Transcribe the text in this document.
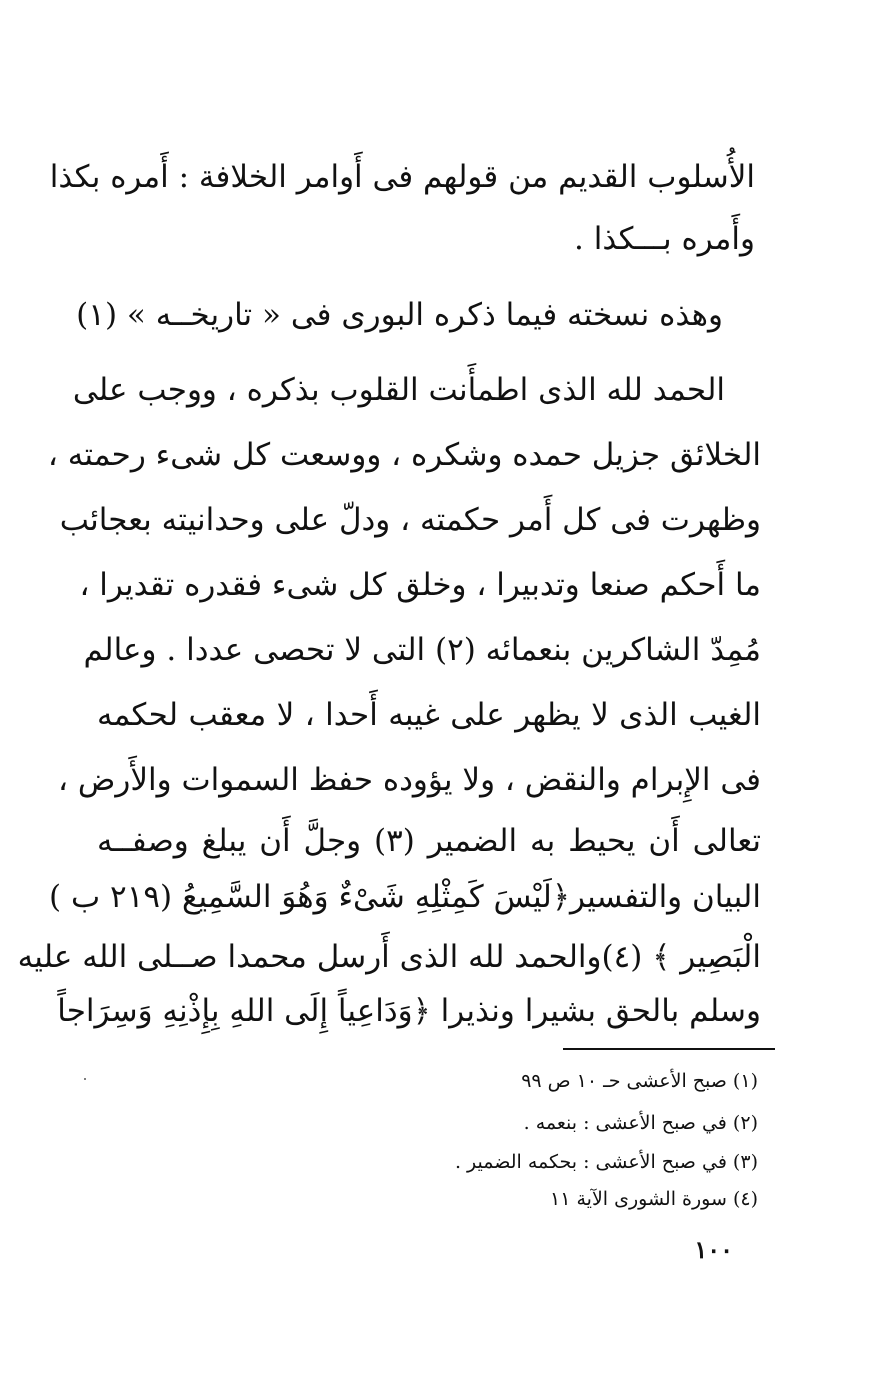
الأُسلوب القديم من قولهم فى أَوامر الخلافة : أَمره بكذا
وأَمره بـــكذا .
وهذه نسخته فيما ذكره البورى فى « تاريخــه » (١)
الحمد لله الذى اطمأَنت القلوب بذكره ، ووجب على
الخلائق جزيل حمده وشكره ، ووسعت كل شىء رحمته ،
وظهرت فى كل أَمر حكمته ، ودلّ على وحدانيته بعجائب
ما أَحكم صنعا وتدبيرا ، وخلق كل شىء فقدره تقديرا ،
مُمِدّ الشاكرين بنعمائه (٢) التى لا تحصى عددا . وعالم
الغيب الذى لا يظهر على غيبه أَحدا ، لا معقب لحكمه
فى الإِبرام والنقض ، ولا يؤوده حفظ السموات والأَرض ،
تعالى أَن يحيط به الضمير (٣) وجلَّ أَن يبلغ وصفــه
البيان والتفسير﴿لَيْسَ كَمِثْلِهِ شَىْءٌ وَهُوَ السَّمِيعُ (٢١٩ ب )
الْبَصِير ﴾ (٤)والحمد لله الذى أَرسل محمدا صــلى الله عليه
وسلم بالحق بشيرا ونذيرا ﴿وَدَاعِياً إِلَى اللهِ بِإِذْنِهِ وَسِرَاجاً
(١) صبح الأعشى حـ ١٠ ص ٩٩
(٢) في صبح الأعشى : بنعمه .
(٣) في صبح الأعشى : بحكمه الضمير .
(٤) سورة الشورى الآية ١١
١٠٠
